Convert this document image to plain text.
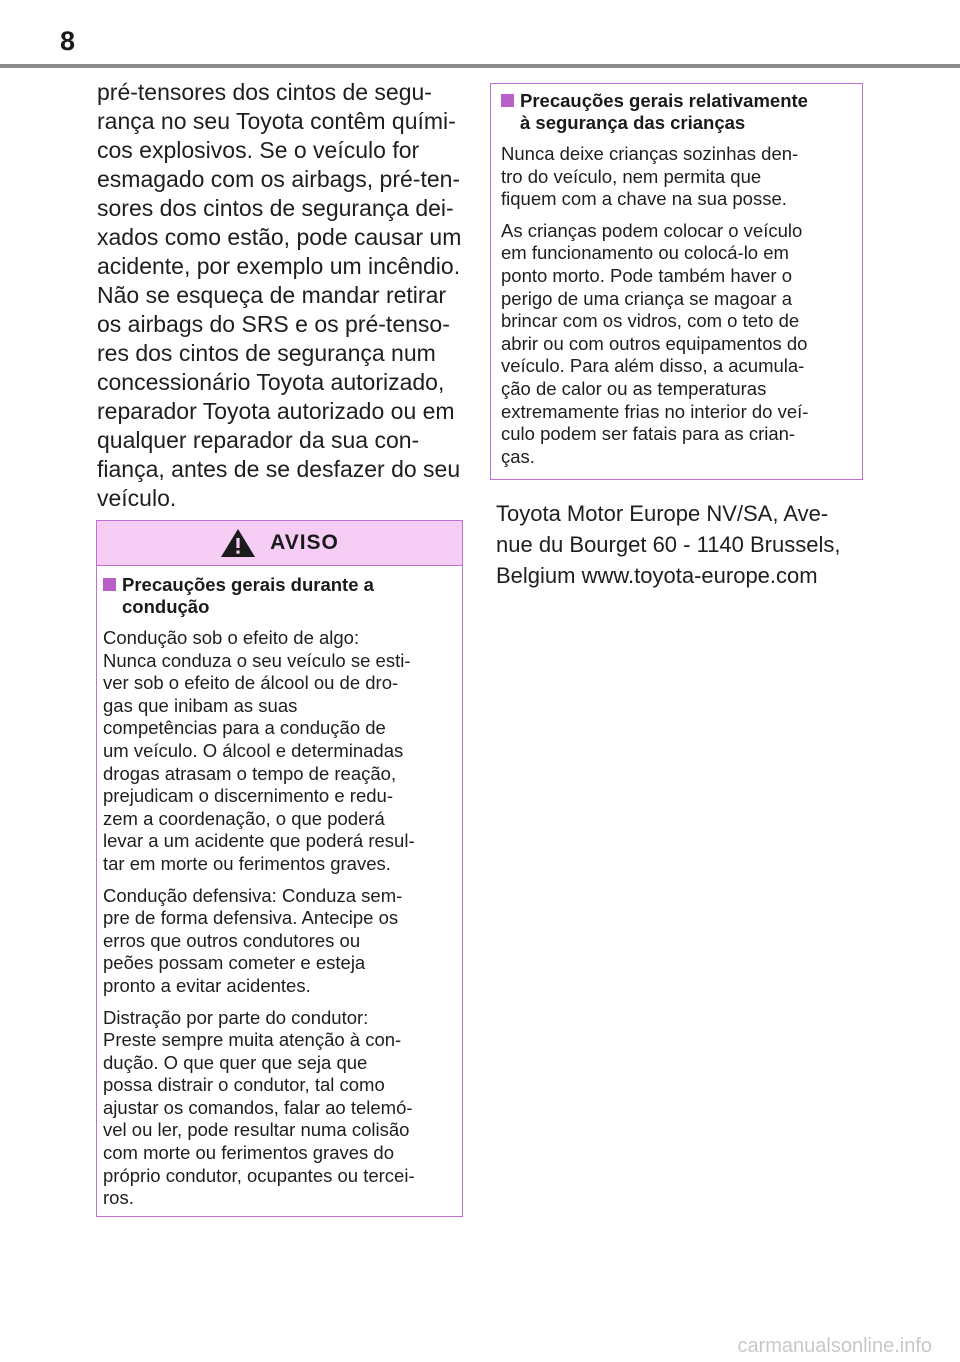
8

pré-tensores dos cintos de segu-
rança no seu Toyota contêm quími-
cos explosivos. Se o veículo for
esmagado com os airbags, pré-ten-
sores dos cintos de segurança dei-
xados como estão, pode causar um
acidente, por exemplo um incêndio.
Não se esqueça de mandar retirar
os airbags do SRS e os pré-tenso-
res dos cintos de segurança num
concessionário Toyota autorizado,
reparador Toyota autorizado ou em
qualquer reparador da sua con-
fiança, antes de se desfazer do seu
veículo.

AVISO
Precauções gerais durante a
condução

Condução sob o efeito de algo:
Nunca conduza o seu veículo se esti-
ver sob o efeito de álcool ou de dro-
gas que inibam as suas
competências para a condução de
um veículo. O álcool e determinadas
drogas atrasam o tempo de reação,
prejudicam o discernimento e redu-
zem a coordenação, o que poderá
levar a um acidente que poderá resul-
tar em morte ou ferimentos graves.

Condução defensiva: Conduza sem-
pre de forma defensiva. Antecipe os
erros que outros condutores ou
peões possam cometer e esteja
pronto a evitar acidentes.

Distração por parte do condutor:
Preste sempre muita atenção à con-
dução. O que quer que seja que
possa distrair o condutor, tal como
ajustar os comandos, falar ao telemó-
vel ou ler, pode resultar numa colisão
com morte ou ferimentos graves do
próprio condutor, ocupantes ou tercei-
ros.

Precauções gerais relativamente
à segurança das crianças

Nunca deixe crianças sozinhas den-
tro do veículo, nem permita que
fiquem com a chave na sua posse.

As crianças podem colocar o veículo
em funcionamento ou colocá-lo em
ponto morto. Pode também haver o
perigo de uma criança se magoar a
brincar com os vidros, com o teto de
abrir ou com outros equipamentos do
veículo. Para além disso, a acumula-
ção de calor ou as temperaturas
extremamente frias no interior do veí-
culo podem ser fatais para as crian-
ças.

Toyota Motor Europe NV/SA, Ave-
nue du Bourget 60 - 1140 Brussels,
Belgium www.toyota-europe.com

carmanualsonline.info
